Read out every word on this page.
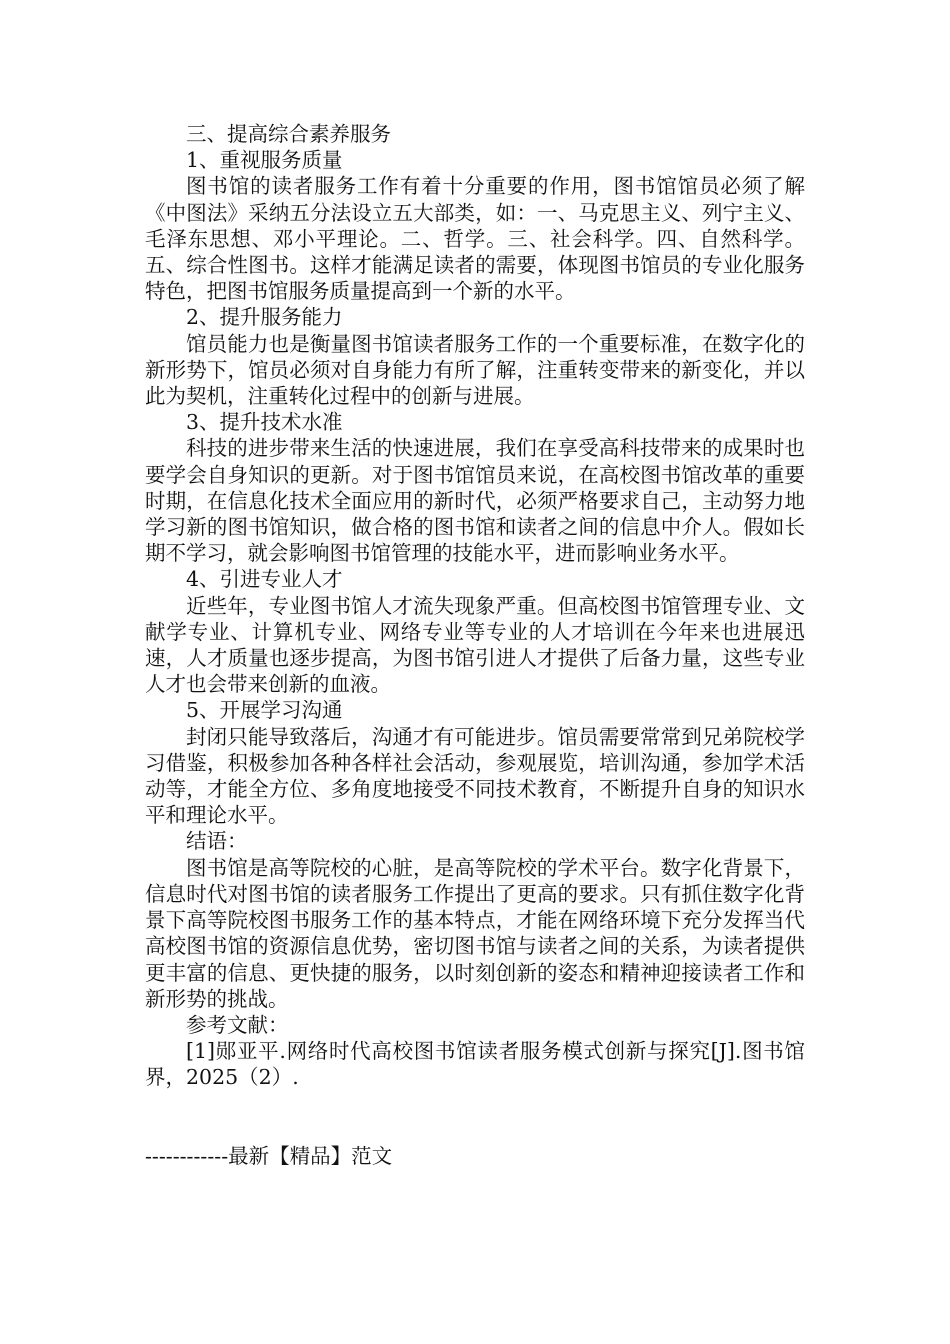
三、提高综合素养服务

1、重视服务质量

图书馆的读者服务工作有着十分重要的作用，图书馆馆员必须了解《中图法》采纳五分法设立五大部类，如：一、马克思主义、列宁主义、毛泽东思想、邓小平理论。二、哲学。三、社会科学。四、自然科学。五、综合性图书。这样才能满足读者的需要，体现图书馆员的专业化服务特色，把图书馆服务质量提高到一个新的水平。

2、提升服务能力

馆员能力也是衡量图书馆读者服务工作的一个重要标准，在数字化的新形势下，馆员必须对自身能力有所了解，注重转变带来的新变化，并以此为契机，注重转化过程中的创新与进展。

3、提升技术水准

科技的进步带来生活的快速进展，我们在享受高科技带来的成果时也要学会自身知识的更新。对于图书馆馆员来说，在高校图书馆改革的重要时期，在信息化技术全面应用的新时代，必须严格要求自己，主动努力地学习新的图书馆知识，做合格的图书馆和读者之间的信息中介人。假如长期不学习，就会影响图书馆管理的技能水平，进而影响业务水平。

4、引进专业人才

近些年，专业图书馆人才流失现象严重。但高校图书馆管理专业、文献学专业、计算机专业、网络专业等专业的人才培训在今年来也进展迅速，人才质量也逐步提高，为图书馆引进人才提供了后备力量，这些专业人才也会带来创新的血液。

5、开展学习沟通

封闭只能导致落后，沟通才有可能进步。馆员需要常常到兄弟院校学习借鉴，积极参加各种各样社会活动，参观展览，培训沟通，参加学术活动等，才能全方位、多角度地接受不同技术教育，不断提升自身的知识水平和理论水平。

结语：

图书馆是高等院校的心脏，是高等院校的学术平台。数字化背景下，信息时代对图书馆的读者服务工作提出了更高的要求。只有抓住数字化背景下高等院校图书服务工作的基本特点，才能在网络环境下充分发挥当代高校图书馆的资源信息优势，密切图书馆与读者之间的关系，为读者提供更丰富的信息、更快捷的服务，以时刻创新的姿态和精神迎接读者工作和新形势的挑战。

参考文献：

[1]郧亚平.网络时代高校图书馆读者服务模式创新与探究[J].图书馆界，2025（2）.

------------最新【精品】范文
